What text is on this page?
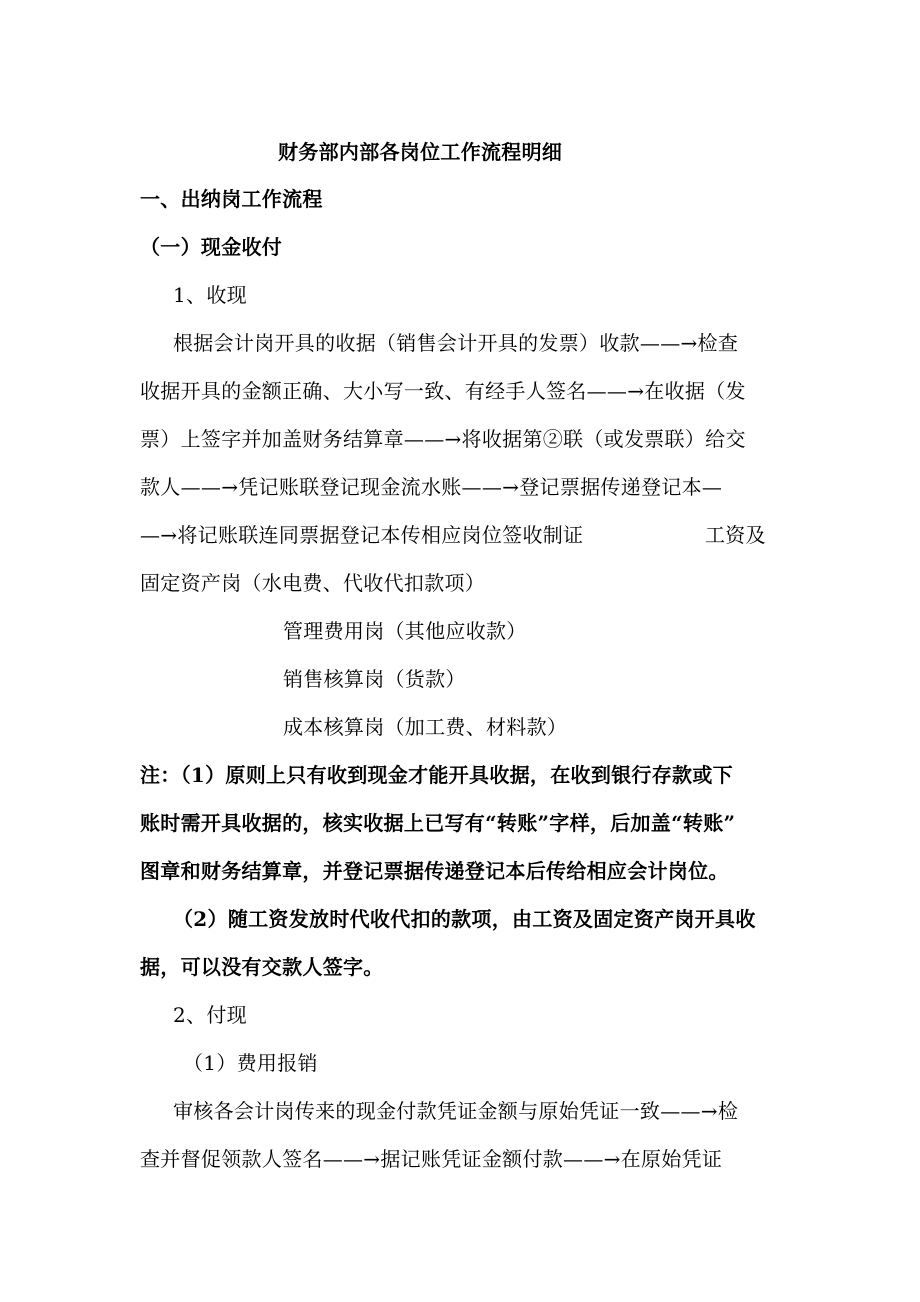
财务部内部各岗位工作流程明细
一、出纳岗工作流程
（一）现金收付
1、收现
根据会计岗开具的收据（销售会计开具的发票）收款——→检查
收据开具的金额正确、大小写一致、有经手人签名——→在收据（发
票）上签字并加盖财务结算章——→将收据第②联（或发票联）给交
款人——→凭记账联登记现金流水账——→登记票据传递登记本—
—→将记账联连同票据登记本传相应岗位签收制证	工资及
固定资产岗（水电费、代收代扣款项）
管理费用岗（其他应收款）
销售核算岗（货款）
成本核算岗（加工费、材料款）
注：（1）原则上只有收到现金才能开具收据，在收到银行存款或下
账时需开具收据的，核实收据上已写有“转账”字样，后加盖“转账”
图章和财务结算章，并登记票据传递登记本后传给相应会计岗位。
（2）随工资发放时代收代扣的款项，由工资及固定资产岗开具收
据，可以没有交款人签字。
2、付现
（1）费用报销
审核各会计岗传来的现金付款凭证金额与原始凭证一致——→检
查并督促领款人签名——→据记账凭证金额付款——→在原始凭证
